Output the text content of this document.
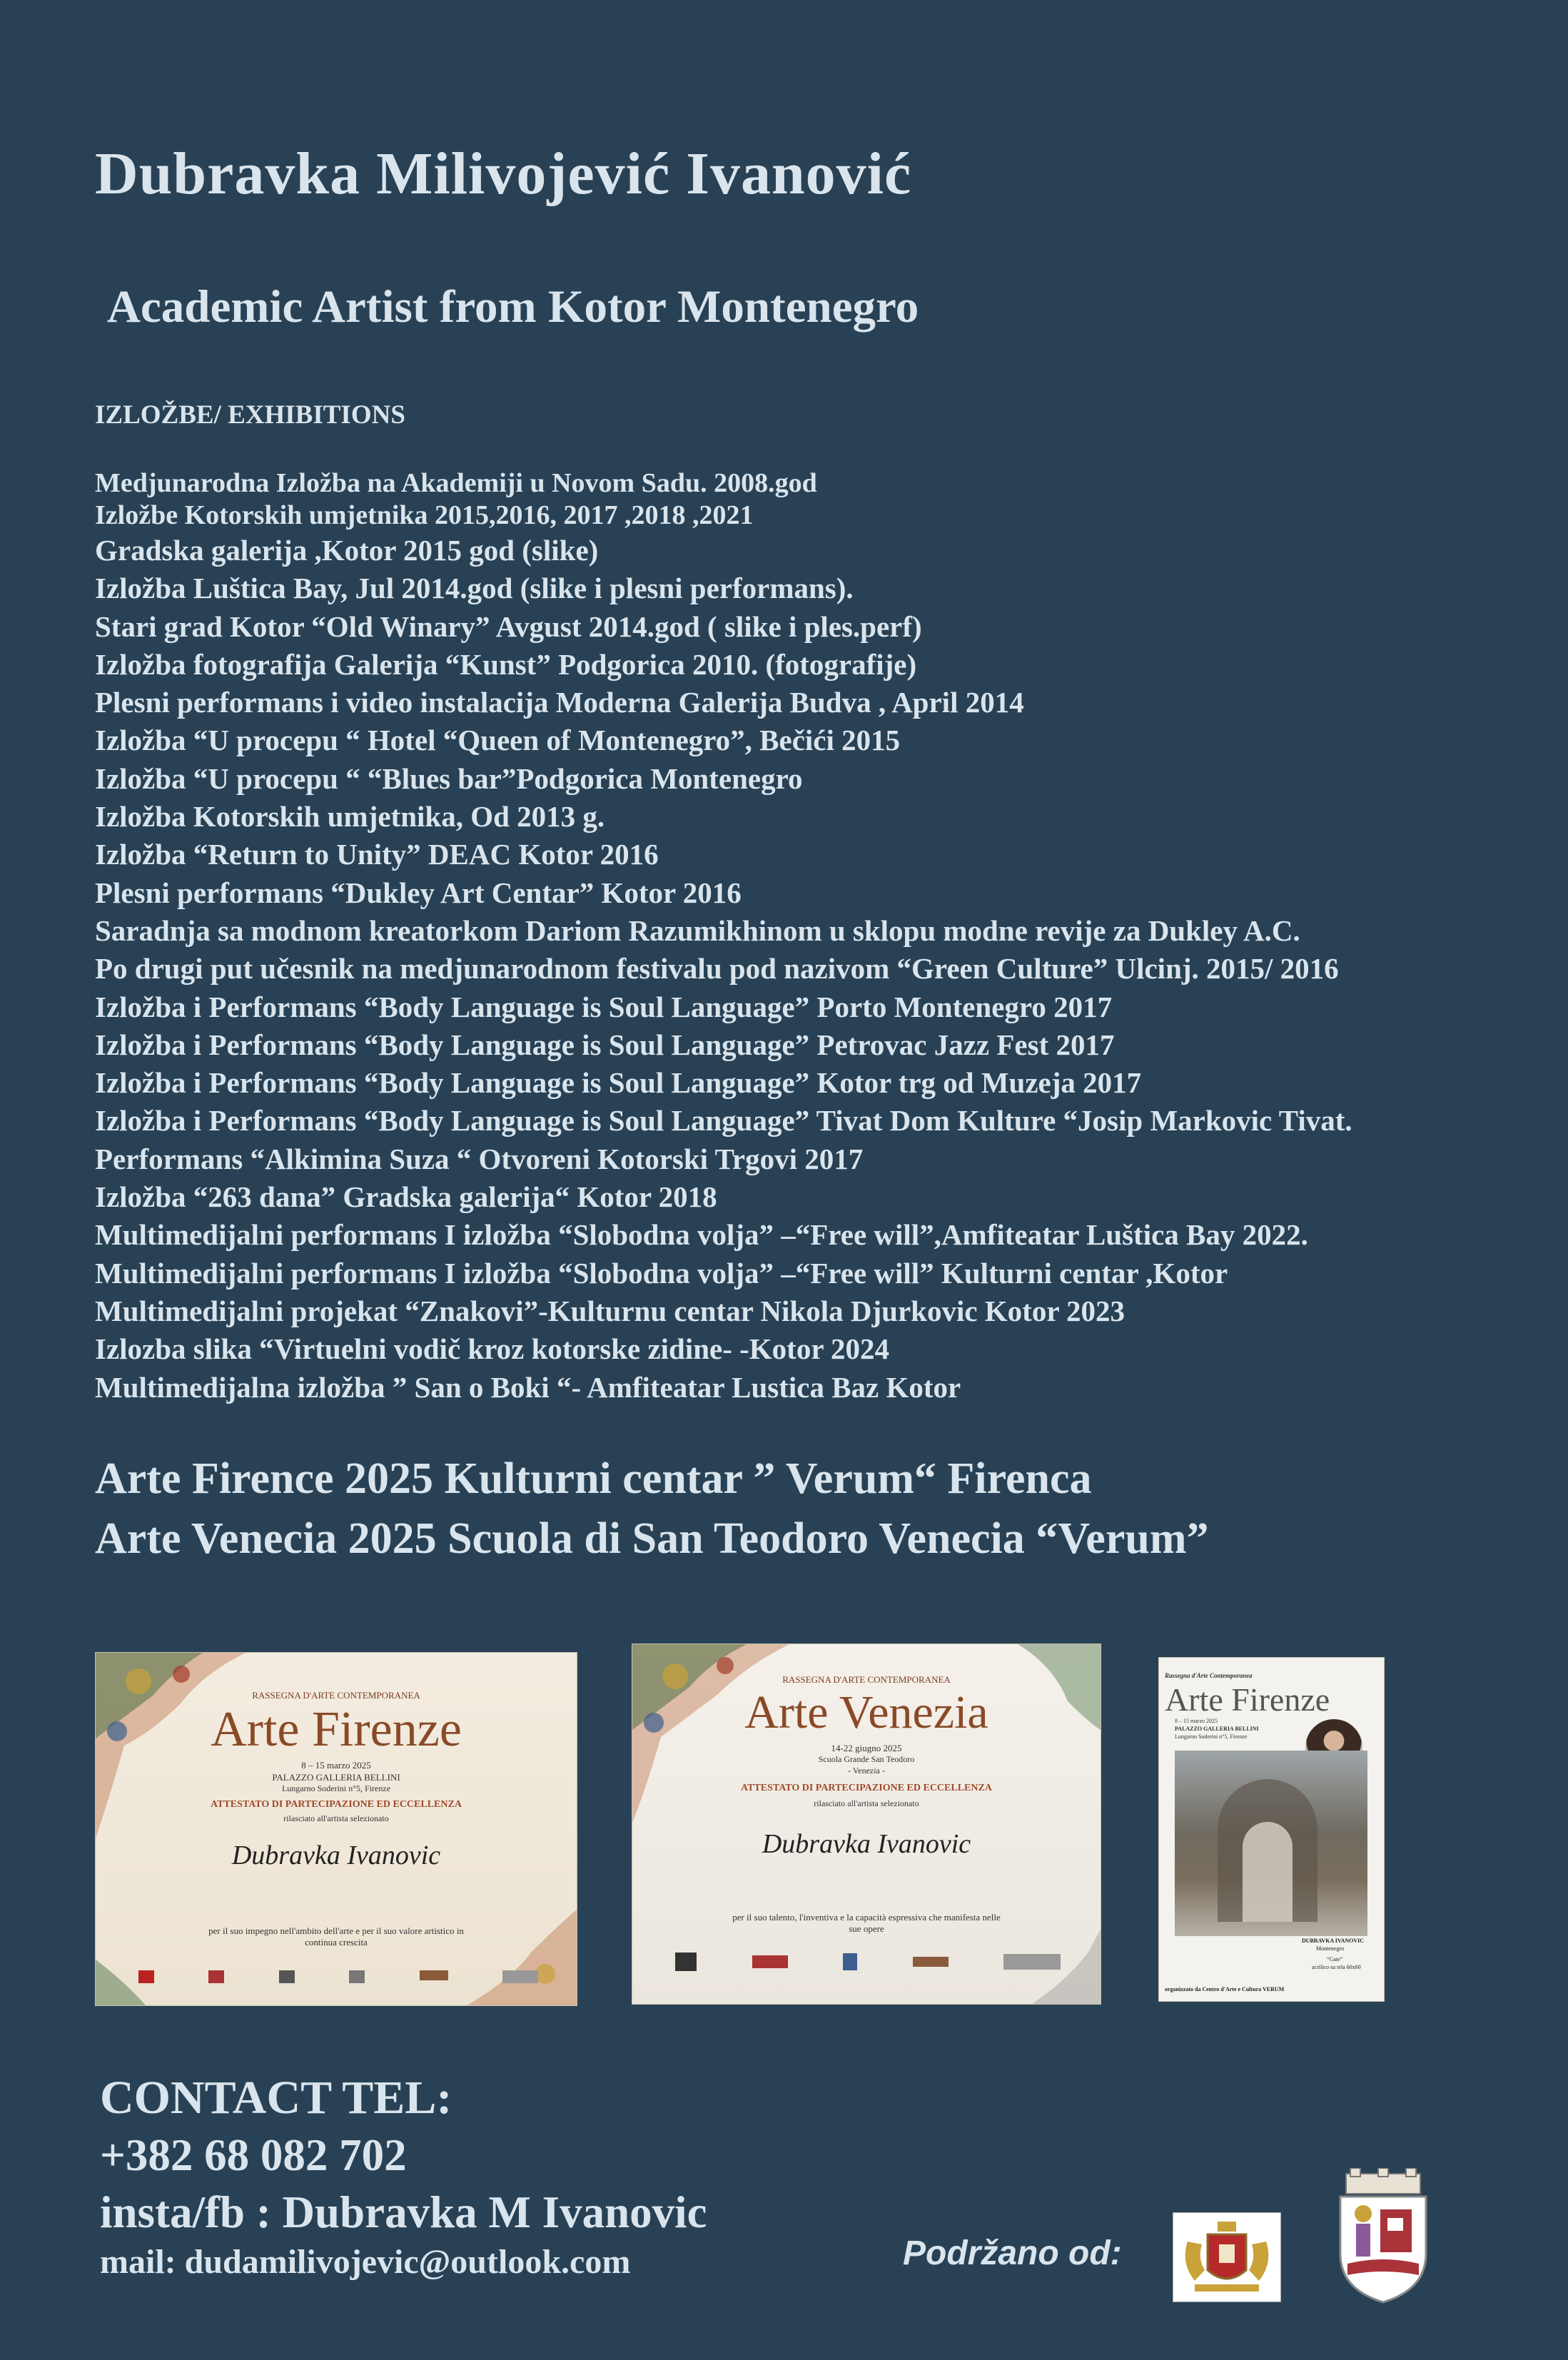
Dubravka Milivojević Ivanović
Academic Artist from Kotor Montenegro
IZLOŽBE/ EXHIBITIONS
Medjunarodna Izložba na Akademiji u Novom Sadu. 2008.god
Izložbe Kotorskih umjetnika 2015,2016, 2017 ,2018 ,2021
Gradska galerija ,Kotor 2015 god (slike)
Izložba Luštica Bay, Jul 2014.god (slike i plesni performans).
Stari grad Kotor “Old Winary” Avgust 2014.god ( slike i ples.perf)
Izložba fotografija Galerija “Kunst” Podgorica 2010. (fotografije)
Plesni performans i video instalacija Moderna Galerija Budva , April 2014
Izložba “U procepu “ Hotel “Queen of Montenegro”, Bečići 2015
Izložba “U procepu “ “Blues bar”Podgorica Montenegro
Izložba Kotorskih umjetnika, Od 2013 g.
Izložba “Return to Unity” DEAC Kotor 2016
Plesni performans “Dukley Art Centar” Kotor 2016
Saradnja sa modnom kreatorkom Dariom Razumikhinom u sklopu modne revije za Dukley A.C.
Po drugi put učesnik na medjunarodnom festivalu pod nazivom “Green Culture” Ulcinj. 2015/ 2016
Izložba i Performans “Body Language is Soul Language” Porto Montenegro 2017
Izložba i Performans “Body Language is Soul Language” Petrovac Jazz Fest 2017
Izložba i Performans “Body Language is Soul Language” Kotor trg od Muzeja 2017
Izložba i Performans “Body Language is Soul Language” Tivat Dom Kulture “Josip Markovic Tivat.
Performans “Alkimina Suza “ Otvoreni Kotorski Trgovi 2017
Izložba “263 dana” Gradska galerija“ Kotor 2018
Multimedijalni performans I izložba “Slobodna volja” –“Free will”,Amfiteatar Luštica Bay 2022.
Multimedijalni performans I izložba “Slobodna volja” –“Free will” Kulturni centar ,Kotor
Multimedijalni projekat “Znakovi”-Kulturnu centar Nikola Djurkovic Kotor 2023
Izlozba slika “Virtuelni vodič kroz kotorske zidine- -Kotor 2024
Multimedijalna izložba ” San o Boki “- Amfiteatar Lustica Baz Kotor
Arte Firence 2025 Kulturni centar ” Verum“ Firenca
Arte Venecia 2025 Scuola di San Teodoro Venecia “Verum”
RASSEGNA D'ARTE CONTEMPORANEA
Arte Firenze
8 – 15 marzo 2025
PALAZZO GALLERIA BELLINI
Lungarno Soderini n°5, Firenze
ATTESTATO DI PARTECIPAZIONE ED ECCELLENZA
rilasciato all'artista selezionato
Dubravka Ivanovic
per il suo impegno nell'ambito dell'arte e per il suo valore artistico in continua crescita
RASSEGNA D'ARTE CONTEMPORANEA
Arte Venezia
14-22 giugno 2025
Scuola Grande San Teodoro
- Venezia -
ATTESTATO DI PARTECIPAZIONE ED ECCELLENZA
rilasciato all'artista selezionato
Dubravka Ivanovic
per il suo talento, l'inventiva e la capacità espressiva che manifesta nelle sue opere
Rassegna d'Arte Contemporanea
Arte Firenze
8 – 15 marzo 2025
PALAZZO GALLERIA BELLINI
Lungarno Soderini n°5, Firenze
DUBRAVKA IVANOVIC
Montenegro
“Gate”
acrilico su tela 60x60
organizzato da Centro d'Arte e Cultura VERUM
CONTACT TEL:
+382 68 082 702
insta/fb : Dubravka M Ivanovic
mail: dudamilivojevic@outlook.com	Podržano od:
